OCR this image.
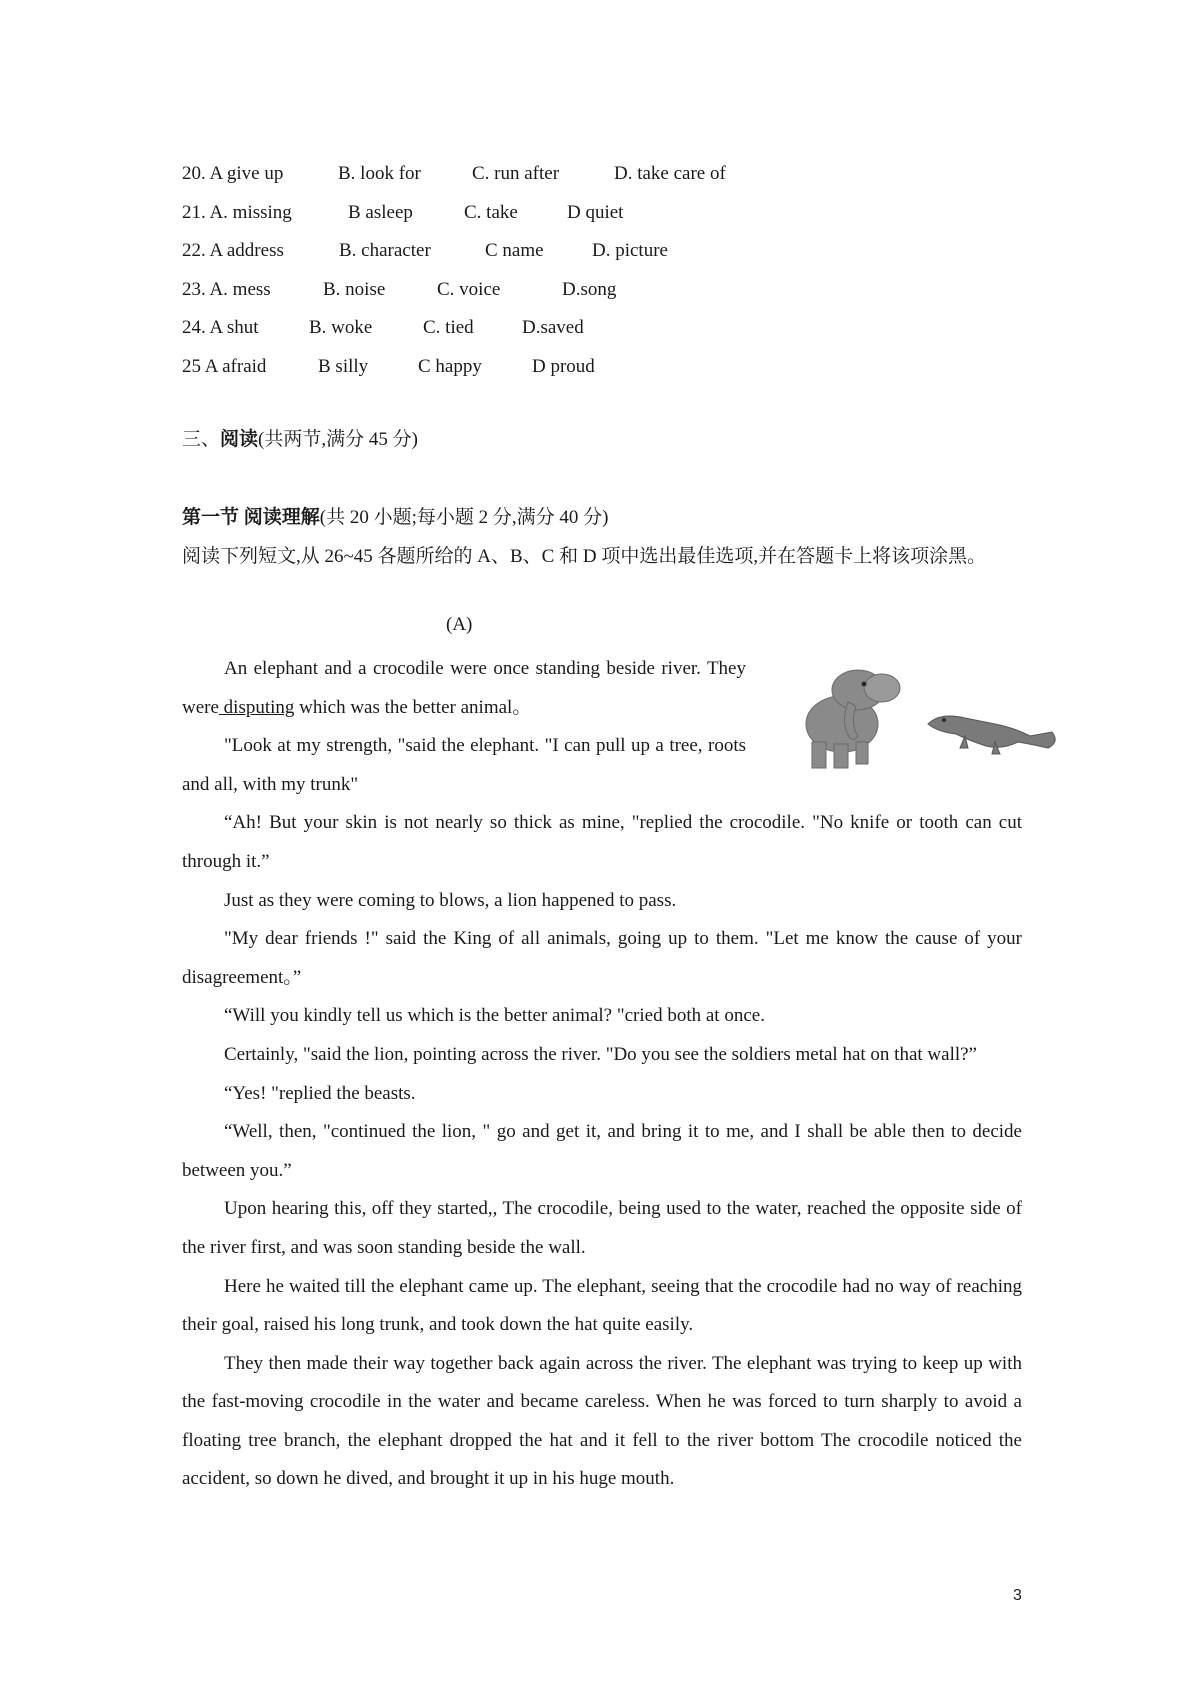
20. A give up	B. look for	C. run after	D. take care of
21. A. missing	B asleep	C. take	D quiet
22. A address	B. character	C name	D. picture
23. A. mess	B. noise	C. voice	D.song
24. A shut	B. woke	C. tied	D.saved
25 A afraid	B silly	C happy	D proud
三、阅读(共两节,满分 45 分)
第一节 阅读理解(共 20 小题;每小题 2 分,满分 40 分)
阅读下列短文,从 26~45 各题所给的 A、B、C 和 D 项中选出最佳选项,并在答题卡上将该项涂黑。
(A)

An elephant and a crocodile were once standing beside river. They were disputing which was the better animal。

"Look at my strength, "said the elephant. "I can pull up a tree, roots and all, with my trunk"

“Ah! But your skin is not nearly so thick as mine, "replied the crocodile. "No knife or tooth can cut through it.”

Just as they were coming to blows, a lion happened to pass.

"My dear friends !" said the King of all animals, going up to them. "Let me know the cause of your disagreement。”

“Will you kindly tell us which is the better animal? "cried both at once.

Certainly, "said the lion, pointing across the river. "Do you see the soldiers metal hat on that wall?”

“Yes! "replied the beasts.

“Well, then, "continued the lion, " go and get it, and bring it to me, and I shall be able then to decide between you.”

Upon hearing this, off they started,, The crocodile, being used to the water, reached the opposite side of the river first, and was soon standing beside the wall.

Here he waited till the elephant came up. The elephant, seeing that the crocodile had no way of reaching their goal, raised his long trunk, and took down the hat quite easily.

They then made their way together back again across the river. The elephant was trying to keep up with the fast-moving crocodile in the water and became careless. When he was forced to turn sharply to avoid a floating tree branch, the elephant dropped the hat and it fell to the river bottom The crocodile noticed the accident, so down he dived, and brought it up in his huge mouth.

3
